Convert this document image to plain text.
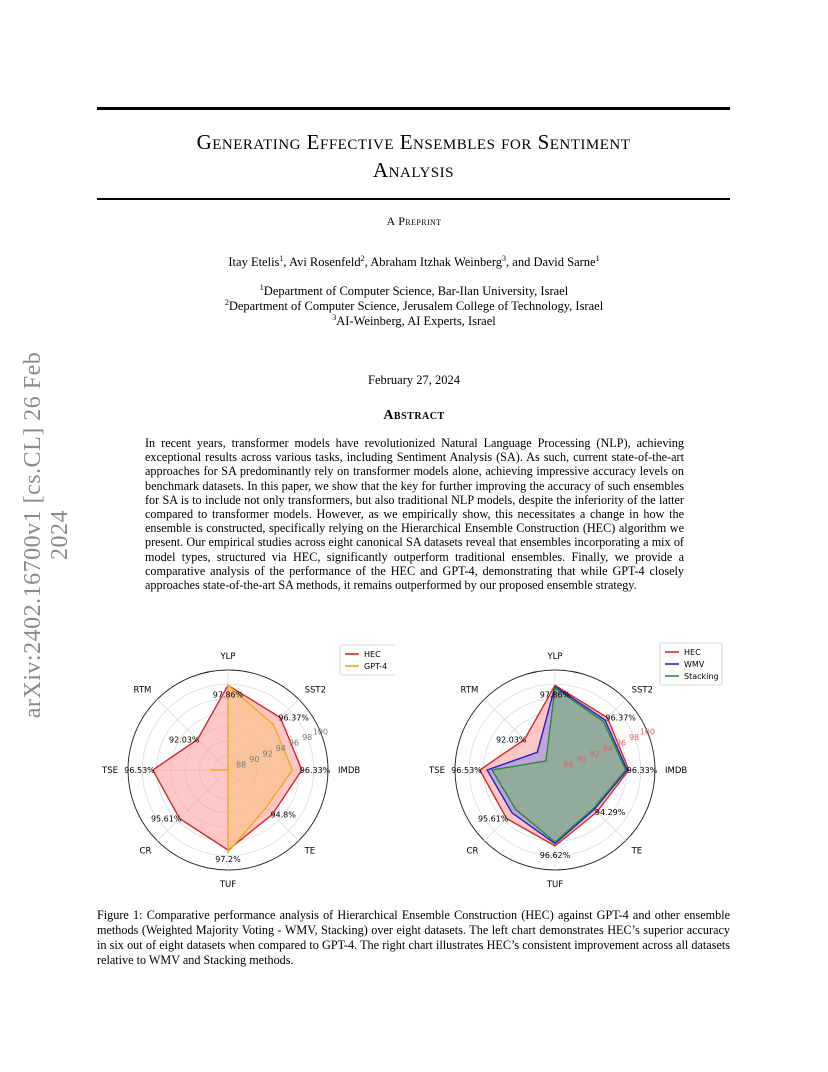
arXiv:2402.16700v1 [cs.CL] 26 Feb 2024
Generating Effective Ensembles for Sentiment
Analysis
A Preprint
Itay Etelis$^1$, Avi Rosenfeld$^2$, Abraham Itzhak Weinberg$^3$, and David Sarne$^1$
$^1$Department of Computer Science, Bar-Ilan University, Israel
$^2$Department of Computer Science, Jerusalem College of Technology, Israel
$^3$AI-Weinberg, AI Experts, Israel
February 27, 2024
Abstract
In recent years, transformer models have revolutionized Natural Language Processing (NLP), achieving exceptional results across various tasks, including Sentiment Analysis (SA). As such, current state-of-the-art approaches for SA predominantly rely on transformer models alone, achieving impressive accuracy levels on benchmark datasets. In this paper, we show that the key for further improving the accuracy of such ensembles for SA is to include not only transformers, but also traditional NLP models, despite the inferiority of the latter compared to transformer models. However, as we empirically show, this necessitates a change in how the ensemble is constructed, specifically relying on the Hierarchical Ensemble Construction (HEC) algorithm we present. Our empirical studies across eight canonical SA datasets reveal that ensembles incorporating a mix of model types, structured via HEC, significantly outperform traditional ensembles. Finally, we provide a comparative analysis of the performance of the HEC and GPT-4, demonstrating that while GPT-4 closely approaches state-of-the-art SA methods, it remains outperformed by our proposed ensemble strategy.
88
90
92
94
96
98
100
YLP
SST2
IMDB
TE
TUF
CR
TSE
RTM	97.86%
96.37%
96.33%
94.8%
97.2%
95.61%
96.53%
92.03%
HEC
GPT-4
88
90
92
94
96
98
100
YLP
SST2
IMDB
TE
TUF
CR
TSE
RTM	97.86%
96.37%
96.33%
94.29%
96.62%
95.61%
96.53%
92.03%
HEC
WMV
Stacking
Figure 1: Comparative performance analysis of Hierarchical Ensemble Construction (HEC) against GPT-4 and other ensemble methods (Weighted Majority Voting - WMV, Stacking) over eight datasets. The left chart demonstrates HEC’s superior accuracy in six out of eight datasets when compared to GPT-4. The right chart illustrates HEC’s consistent improvement across all datasets relative to WMV and Stacking methods.
